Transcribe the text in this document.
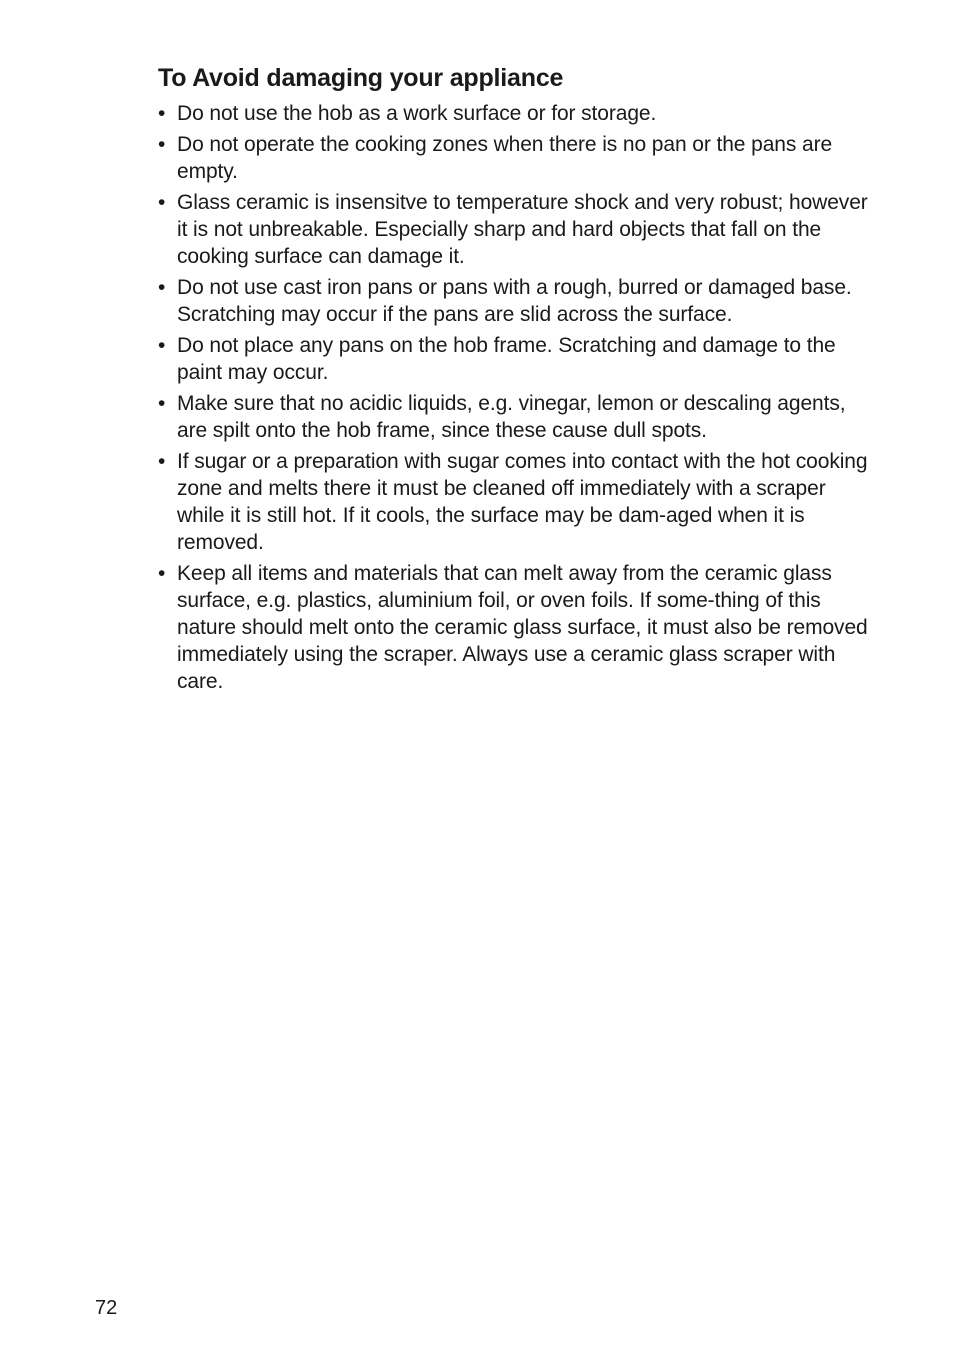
To Avoid damaging your appliance
• Do not use the hob as a work surface or for storage.
• Do not operate the cooking zones when there is no pan or the pans are empty.
• Glass ceramic is insensitve to temperature shock and very robust; however it is not unbreakable. Especially sharp and hard objects that fall on the cooking surface can damage it.
• Do not use cast iron pans or pans with a rough, burred or damaged base. Scratching may occur if the pans are slid across the surface.
• Do not place any pans on the hob frame. Scratching and damage to the paint may occur.
• Make sure that no acidic liquids, e.g. vinegar, lemon or descaling agents, are spilt onto the hob frame, since these cause dull spots.
• If sugar or a preparation with sugar comes into contact with the hot cooking zone and melts there it must be cleaned off immediately with a scraper while it is still hot. If it cools, the surface may be dam-aged when it is removed.
• Keep all items and materials that can melt away from the ceramic glass surface, e.g. plastics, aluminium foil, or oven foils. If some-thing of this nature should melt onto the ceramic glass surface, it must also be removed immediately using the scraper. Always use a ceramic glass scraper with care.
72
